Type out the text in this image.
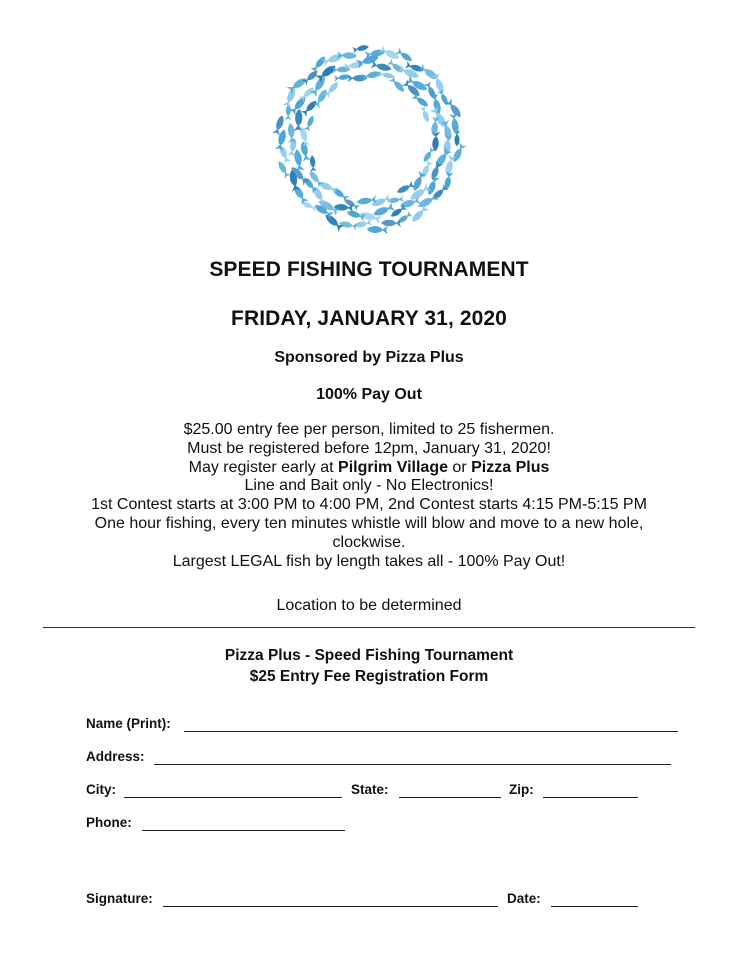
SPEED FISHING TOURNAMENT
FRIDAY, JANUARY 31, 2020
Sponsored by Pizza Plus
100% Pay Out
$25.00 entry fee per person, limited to 25 fishermen.
Must be registered before 12pm, January 31, 2020!
May register early at Pilgrim Village or Pizza Plus
Line and Bait only - No Electronics!
1st Contest starts at 3:00 PM to 4:00 PM, 2nd Contest starts 4:15 PM-5:15 PM
One hour fishing, every ten minutes whistle will blow and move to a new hole,
clockwise.
Largest LEGAL fish by length takes all - 100% Pay Out!
Location to be determined
Pizza Plus - Speed Fishing Tournament
$25 Entry Fee Registration Form
Name (Print):
Address:
City:	State:	Zip:
Phone:
Signature:	Date:
